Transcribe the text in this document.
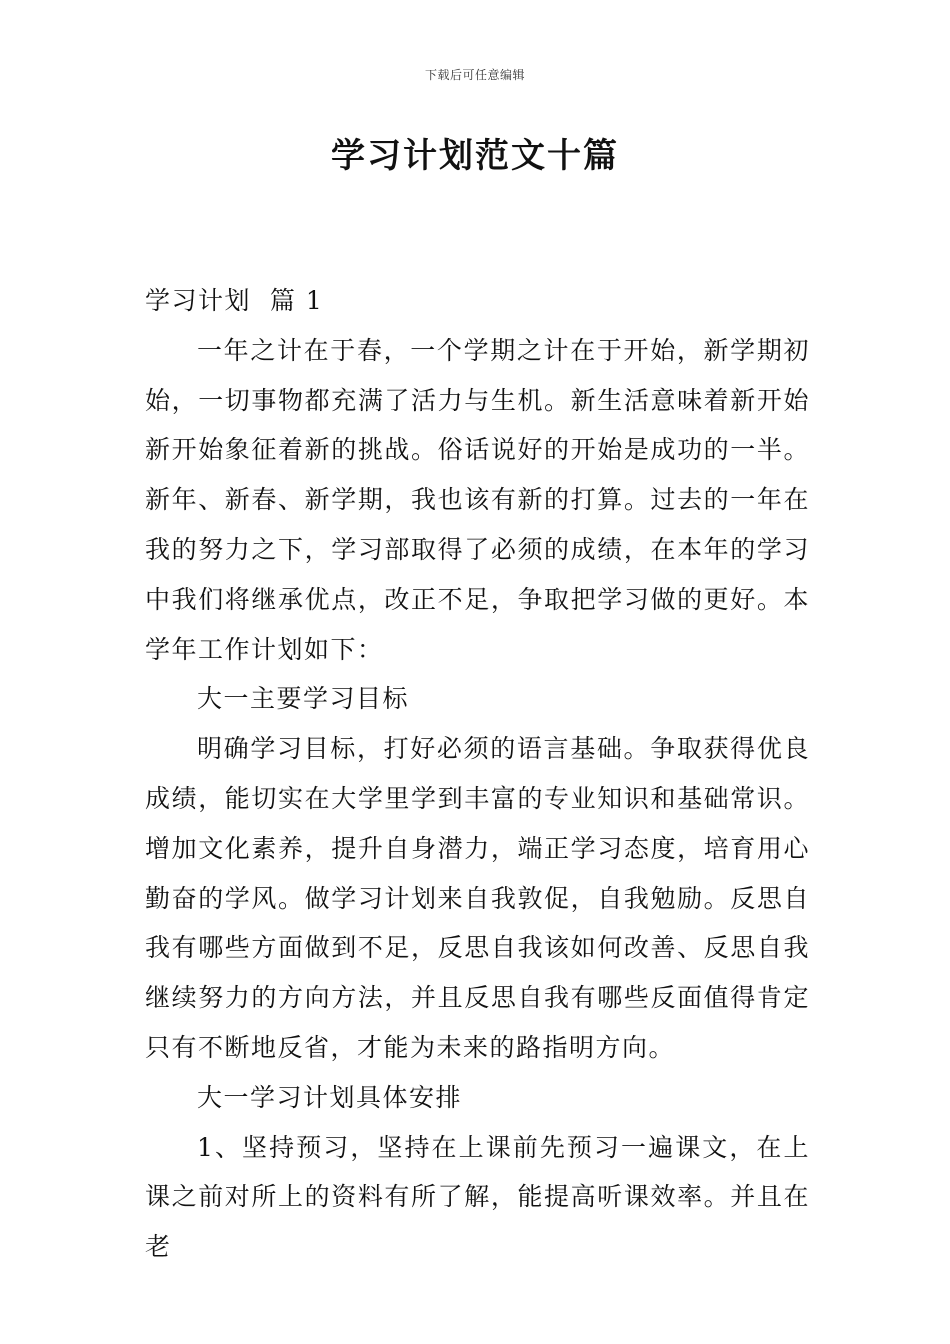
下载后可任意编辑
学习计划范文十篇

学习计划  篇 1

一年之计在于春，一个学期之计在于开始，新学期初始，一切事物都充满了活力与生机。新生活意味着新开始新开始象征着新的挑战。俗话说好的开始是成功的一半。新年、新春、新学期，我也该有新的打算。过去的一年在我的努力之下，学习部取得了必须的成绩，在本年的学习中我们将继承优点，改正不足，争取把学习做的更好。本学年工作计划如下：

大一主要学习目标

明确学习目标，打好必须的语言基础。争取获得优良成绩，能切实在大学里学到丰富的专业知识和基础常识。增加文化素养，提升自身潜力，端正学习态度，培育用心勤奋的学风。做学习计划来自我敦促，自我勉励。反思自我有哪些方面做到不足，反思自我该如何改善、反思自我继续努力的方向方法，并且反思自我有哪些反面值得肯定只有不断地反省，才能为未来的路指明方向。

大一学习计划具体安排

1、坚持预习，坚持在上课前先预习一遍课文，在上课之前对所上的资料有所了解，能提高听课效率。并且在老
